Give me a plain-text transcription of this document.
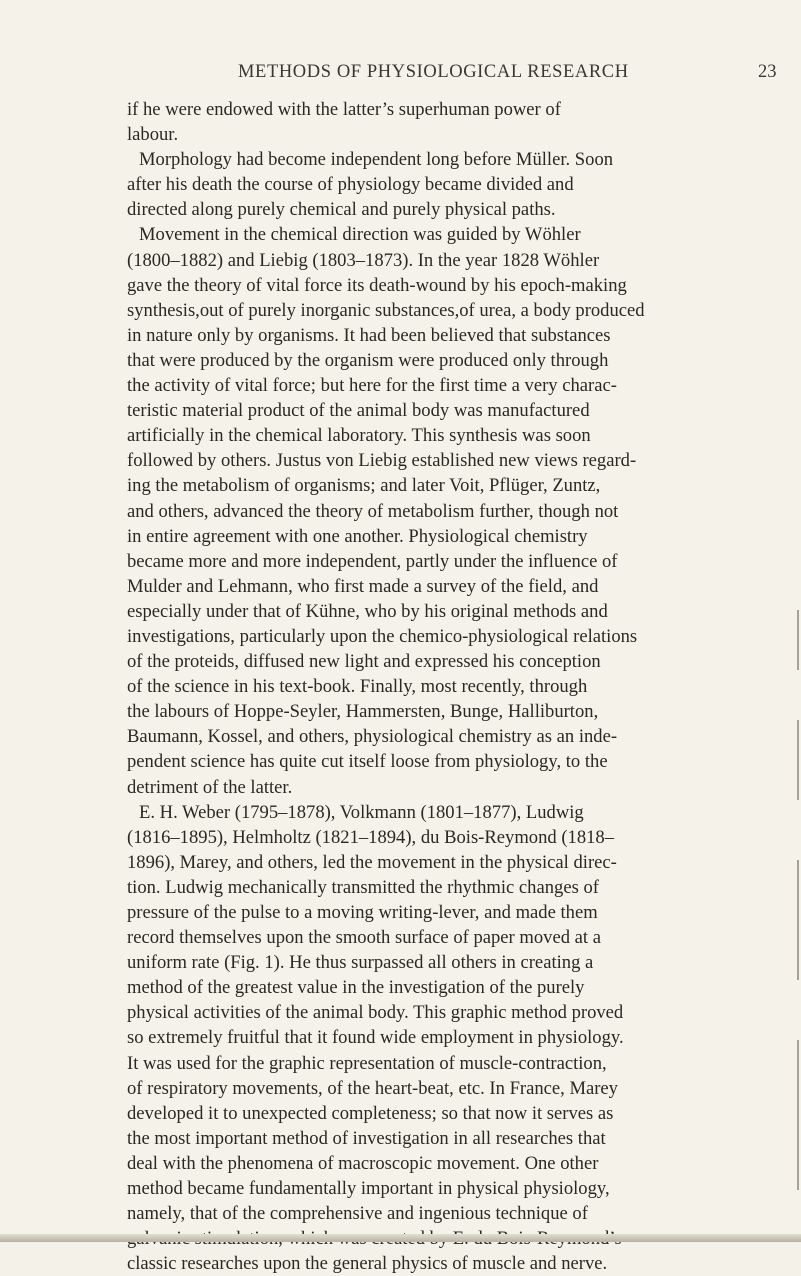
METHODS OF PHYSIOLOGICAL RESEARCH	23
if he were endowed with the latter’s superhuman power of
labour.
Morphology had become independent long before Müller. Soon
after his death the course of physiology became divided and
directed along purely chemical and purely physical paths.
Movement in the chemical direction was guided by Wöhler
(1800–1882) and Liebig (1803–1873). In the year 1828 Wöhler
gave the theory of vital force its death-wound by his epoch-making
synthesis,out of purely inorganic substances,of urea, a body produced
in nature only by organisms. It had been believed that substances
that were produced by the organism were produced only through
the activity of vital force; but here for the first time a very charac-
teristic material product of the animal body was manufactured
artificially in the chemical laboratory. This synthesis was soon
followed by others. Justus von Liebig established new views regard-
ing the metabolism of organisms; and later Voit, Pflüger, Zuntz,
and others, advanced the theory of metabolism further, though not
in entire agreement with one another. Physiological chemistry
became more and more independent, partly under the influence of
Mulder and Lehmann, who first made a survey of the field, and
especially under that of Kühne, who by his original methods and
investigations, particularly upon the chemico-physiological relations
of the proteids, diffused new light and expressed his conception
of the science in his text-book. Finally, most recently, through
the labours of Hoppe-Seyler, Hammersten, Bunge, Halliburton,
Baumann, Kossel, and others, physiological chemistry as an inde-
pendent science has quite cut itself loose from physiology, to the
detriment of the latter.
E. H. Weber (1795–1878), Volkmann (1801–1877), Ludwig
(1816–1895), Helmholtz (1821–1894), du Bois-Reymond (1818–
1896), Marey, and others, led the movement in the physical direc-
tion. Ludwig mechanically transmitted the rhythmic changes of
pressure of the pulse to a moving writing-lever, and made them
record themselves upon the smooth surface of paper moved at a
uniform rate (Fig. 1). He thus surpassed all others in creating a
method of the greatest value in the investigation of the purely
physical activities of the animal body. This graphic method proved
so extremely fruitful that it found wide employment in physiology.
It was used for the graphic representation of muscle-contraction,
of respiratory movements, of the heart-beat, etc. In France, Marey
developed it to unexpected completeness; so that now it serves as
the most important method of investigation in all researches that
deal with the phenomena of macroscopic movement. One other
method became fundamentally important in physical physiology,
namely, that of the comprehensive and ingenious technique of
classic researches upon the general physics of muscle and nerve.
